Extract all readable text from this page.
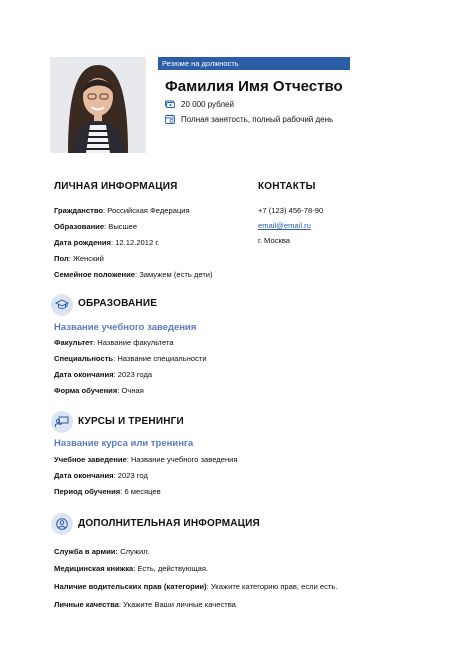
Резюме на должность
Фамилия Имя Отчество
20 000 рублей
Полная занятость, полный рабочий день
ЛИЧНАЯ ИНФОРМАЦИЯ
Гражданство: Российская Федерация
Образование: Высшее
Дата рождения: 12.12.2012 г.
Пол: Женский
Семейное положение: Замужем (есть дети)
КОНТАКТЫ
+7 (123) 456-78-90
email@email.ru
г. Москва
ОБРАЗОВАНИЕ
Название учебного заведения
Факультет: Название факультета
Специальность: Название специальности
Дата окончания: 2023 года
Форма обучения: Очная
КУРСЫ И ТРЕНИНГИ
Название курса или тренинга
Учебное заведение: Название учебного заведения
Дата окончания: 2023 год
Период обучения: 6 месяцев
ДОПОЛНИТЕЛЬНАЯ ИНФОРМАЦИЯ
Служба в армии: Служил.
Медицинская книжка: Есть, действующая.
Наличие водительских прав (категории): Укажите категорию прав, если есть.
Личные качества: Укажите Ваши личные качества
